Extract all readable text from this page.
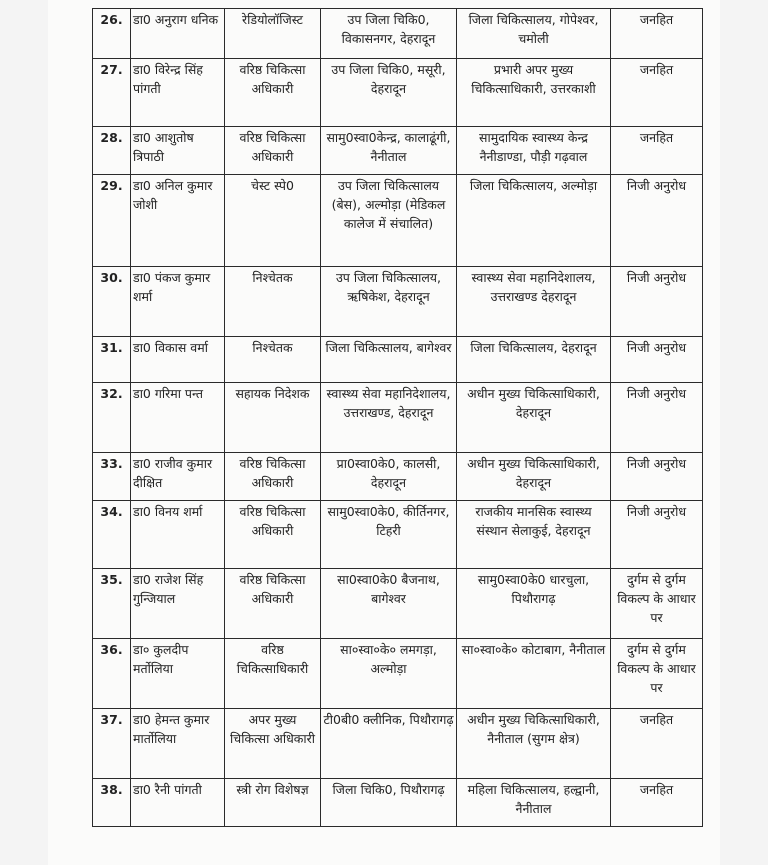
26.	डा0 अनुराग धनिक	रेडियोलॉजिस्ट	उप जिला चिकि0, विकासनगर, देहरादून	जिला चिकित्सालय, गोपेश्वर, चमोली	जनहित
27.	डा0 विरेन्द्र सिंह पांगती	वरिष्ठ चिकित्सा अधिकारी	उप जिला चिकि0, मसूरी, देहरादून	प्रभारी अपर मुख्य चिकित्साधिकारी, उत्तरकाशी	जनहित
28.	डा0 आशुतोष त्रिपाठी	वरिष्ठ चिकित्सा अधिकारी	सामु0स्वा0केन्द्र, कालाढूंगी, नैनीताल	सामुदायिक स्वास्थ्य केन्द्र नैनीडाण्डा, पौड़ी गढ़वाल	जनहित
29.	डा0 अनिल कुमार जोशी	चेस्ट स्पे0	उप जिला चिकित्सालय (बेस), अल्मोड़ा (मेडिकल कालेज में संचालित)	जिला चिकित्सालय, अल्मोड़ा	निजी अनुरोध
30.	डा0 पंकज कुमार शर्मा	निश्चेतक	उप जिला चिकित्सालय, ऋषिकेश, देहरादून	स्वास्थ्य सेवा महानिदेशालय, उत्तराखण्ड देहरादून	निजी अनुरोध
31.	डा0 विकास वर्मा	निश्चेतक	जिला चिकित्सालय, बागेश्वर	जिला चिकित्सालय, देहरादून	निजी अनुरोध
32.	डा0 गरिमा पन्त	सहायक निदेशक	स्वास्थ्य सेवा महानिदेशालय, उत्तराखण्ड, देहरादून	अधीन मुख्य चिकित्साधिकारी, देहरादून	निजी अनुरोध
33.	डा0 राजीव कुमार दीक्षित	वरिष्ठ चिकित्सा अधिकारी	प्रा0स्वा0के0, कालसी, देहरादून	अधीन मुख्य चिकित्साधिकारी, देहरादून	निजी अनुरोध
34.	डा0 विनय शर्मा	वरिष्ठ चिकित्सा अधिकारी	सामु0स्वा0के0, कीर्तिनगर, टिहरी	राजकीय मानसिक स्वास्थ्य संस्थान सेलाकुई, देहरादून	निजी अनुरोध
35.	डा0 राजेश सिंह गुन्जियाल	वरिष्ठ चिकित्सा अधिकारी	सा0स्वा0के0 बैजनाथ, बागेश्वर	सामु0स्वा0के0 धारचुला, पिथौरागढ़	दुर्गम से दुर्गम विकल्प के आधार पर
36.	डा० कुलदीप मर्तोलिया	वरिष्ठ चिकित्साधिकारी	सा०स्वा०के० लमगड़ा, अल्मोड़ा	सा०स्वा०के० कोटाबाग, नैनीताल	दुर्गम से दुर्गम विकल्प के आधार पर
37.	डा0 हेमन्त कुमार मार्तोलिया	अपर मुख्य चिकित्सा अधिकारी	टी0बी0 क्लीनिक, पिथौरागढ़	अधीन मुख्य चिकित्साधिकारी, नैनीताल (सुगम क्षेत्र)	जनहित
38.	डा0 रैनी पांगती	स्त्री रोग विशेषज्ञ	जिला चिकि0, पिथौरागढ़	महिला चिकित्सालय, हल्द्वानी, नैनीताल	जनहित
